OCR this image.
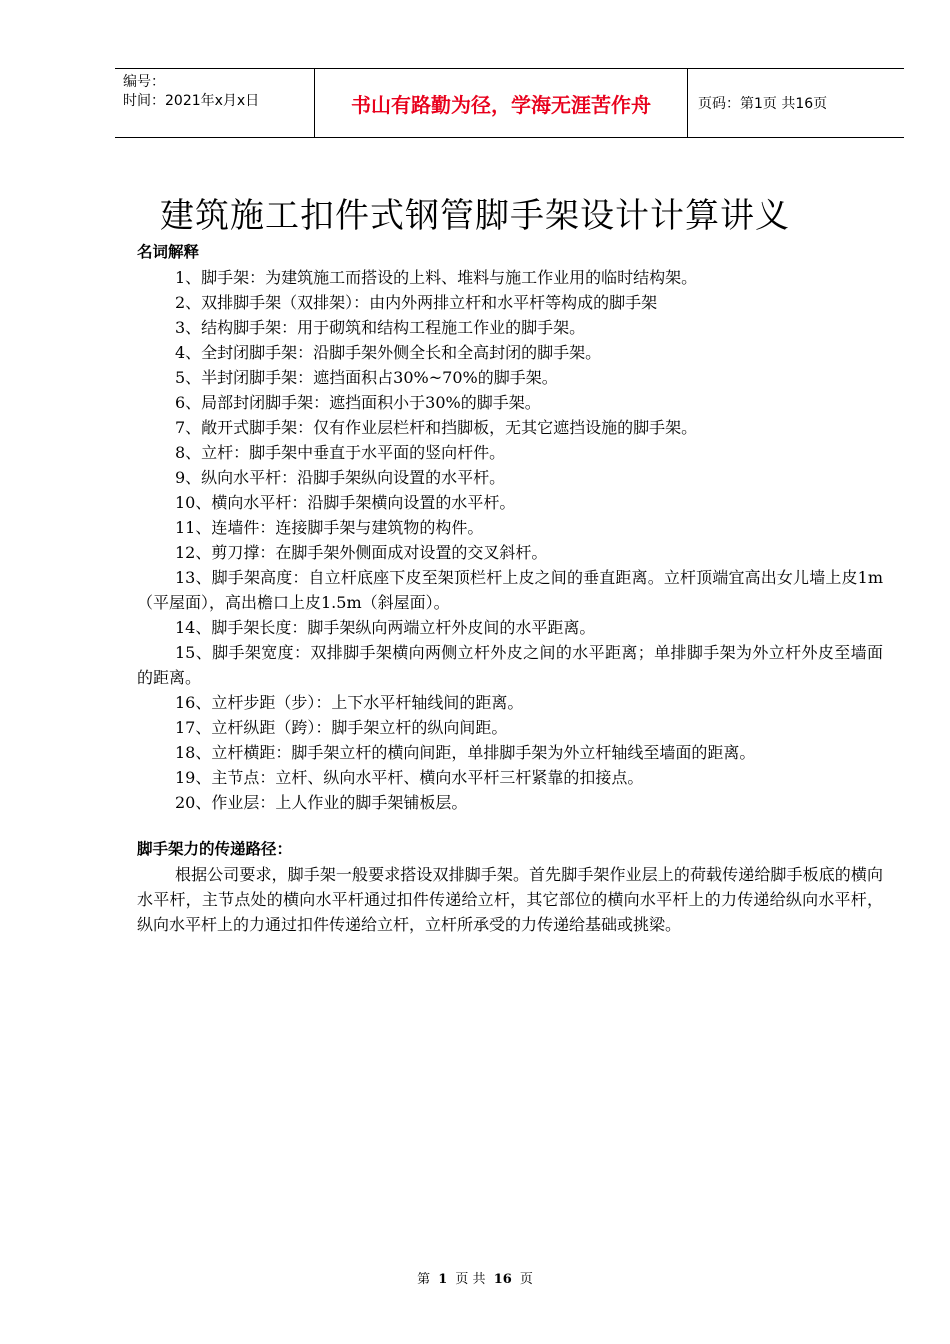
编号：
时间：2021年x月x日	书山有路勤为径，学海无涯苦作舟	页码：第1页 共16页
建筑施工扣件式钢管脚手架设计计算讲义
名词解释

1、脚手架：为建筑施工而搭设的上料、堆料与施工作业用的临时结构架。

2、双排脚手架（双排架）：由内外两排立杆和水平杆等构成的脚手架

3、结构脚手架：用于砌筑和结构工程施工作业的脚手架。

4、全封闭脚手架：沿脚手架外侧全长和全高封闭的脚手架。

5、半封闭脚手架：遮挡面积占30%~70%的脚手架。

6、局部封闭脚手架：遮挡面积小于30%的脚手架。

7、敞开式脚手架：仅有作业层栏杆和挡脚板，无其它遮挡设施的脚手架。

8、立杆：脚手架中垂直于水平面的竖向杆件。

9、纵向水平杆：沿脚手架纵向设置的水平杆。

10、横向水平杆：沿脚手架横向设置的水平杆。

11、连墙件：连接脚手架与建筑物的构件。

12、剪刀撑：在脚手架外侧面成对设置的交叉斜杆。

13、脚手架高度：自立杆底座下皮至架顶栏杆上皮之间的垂直距离。立杆顶端宜高出女儿墙上皮1m（平屋面），高出檐口上皮1.5m（斜屋面）。

14、脚手架长度：脚手架纵向两端立杆外皮间的水平距离。

15、脚手架宽度：双排脚手架横向两侧立杆外皮之间的水平距离；单排脚手架为外立杆外皮至墙面的距离。

16、立杆步距（步）：上下水平杆轴线间的距离。

17、立杆纵距（跨）：脚手架立杆的纵向间距。

18、立杆横距：脚手架立杆的横向间距，单排脚手架为外立杆轴线至墙面的距离。

19、主节点：立杆、纵向水平杆、横向水平杆三杆紧靠的扣接点。

20、作业层：上人作业的脚手架铺板层。

脚手架力的传递路径：

根据公司要求，脚手架一般要求搭设双排脚手架。首先脚手架作业层上的荷载传递给脚手板底的横向水平杆，主节点处的横向水平杆通过扣件传递给立杆，其它部位的横向水平杆上的力传递给纵向水平杆，纵向水平杆上的力通过扣件传递给立杆，立杆所承受的力传递给基础或挑梁。

第 1 页 共 16 页
